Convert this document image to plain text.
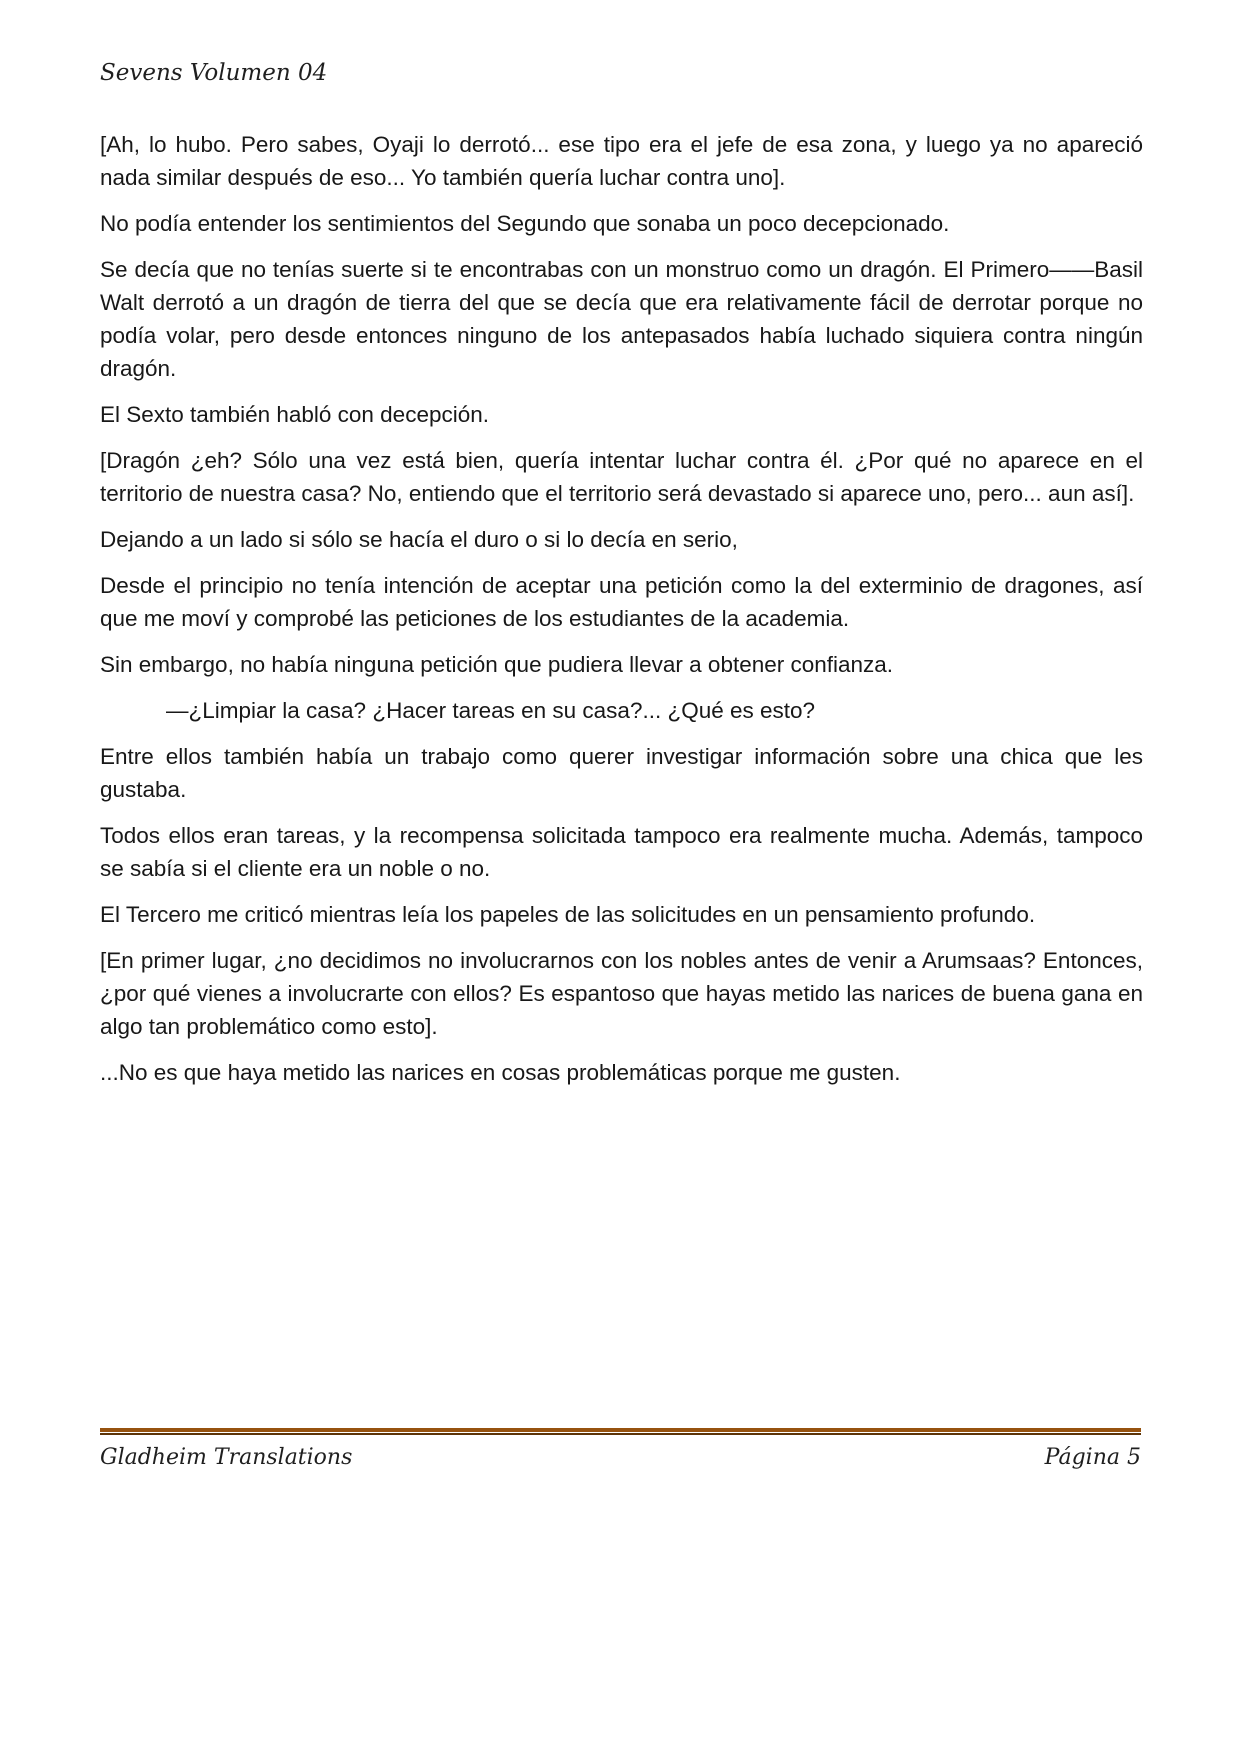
Sevens Volumen 04

[Ah, lo hubo. Pero sabes, Oyaji lo derrotó... ese tipo era el jefe de esa zona, y luego ya no apareció nada similar después de eso... Yo también quería luchar contra uno].

No podía entender los sentimientos del Segundo que sonaba un poco decepcionado.

Se decía que no tenías suerte si te encontrabas con un monstruo como un dragón. El Primero——Basil Walt derrotó a un dragón de tierra del que se decía que era relativamente fácil de derrotar porque no podía volar, pero desde entonces ninguno de los antepasados había luchado siquiera contra ningún dragón.

El Sexto también habló con decepción.

[Dragón ¿eh? Sólo una vez está bien, quería intentar luchar contra él. ¿Por qué no aparece en el territorio de nuestra casa? No, entiendo que el territorio será devastado si aparece uno, pero... aun así].

Dejando a un lado si sólo se hacía el duro o si lo decía en serio,

Desde el principio no tenía intención de aceptar una petición como la del exterminio de dragones, así que me moví y comprobé las peticiones de los estudiantes de la academia.

Sin embargo, no había ninguna petición que pudiera llevar a obtener confianza.

—¿Limpiar la casa? ¿Hacer tareas en su casa?... ¿Qué es esto?

Entre ellos también había un trabajo como querer investigar información sobre una chica que les gustaba.

Todos ellos eran tareas, y la recompensa solicitada tampoco era realmente mucha. Además, tampoco se sabía si el cliente era un noble o no.

El Tercero me criticó mientras leía los papeles de las solicitudes en un pensamiento profundo.

[En primer lugar, ¿no decidimos no involucrarnos con los nobles antes de venir a Arumsaas? Entonces, ¿por qué vienes a involucrarte con ellos? Es espantoso que hayas metido las narices de buena gana en algo tan problemático como esto].

...No es que haya metido las narices en cosas problemáticas porque me gusten.

Gladheim Translations	Página 5
